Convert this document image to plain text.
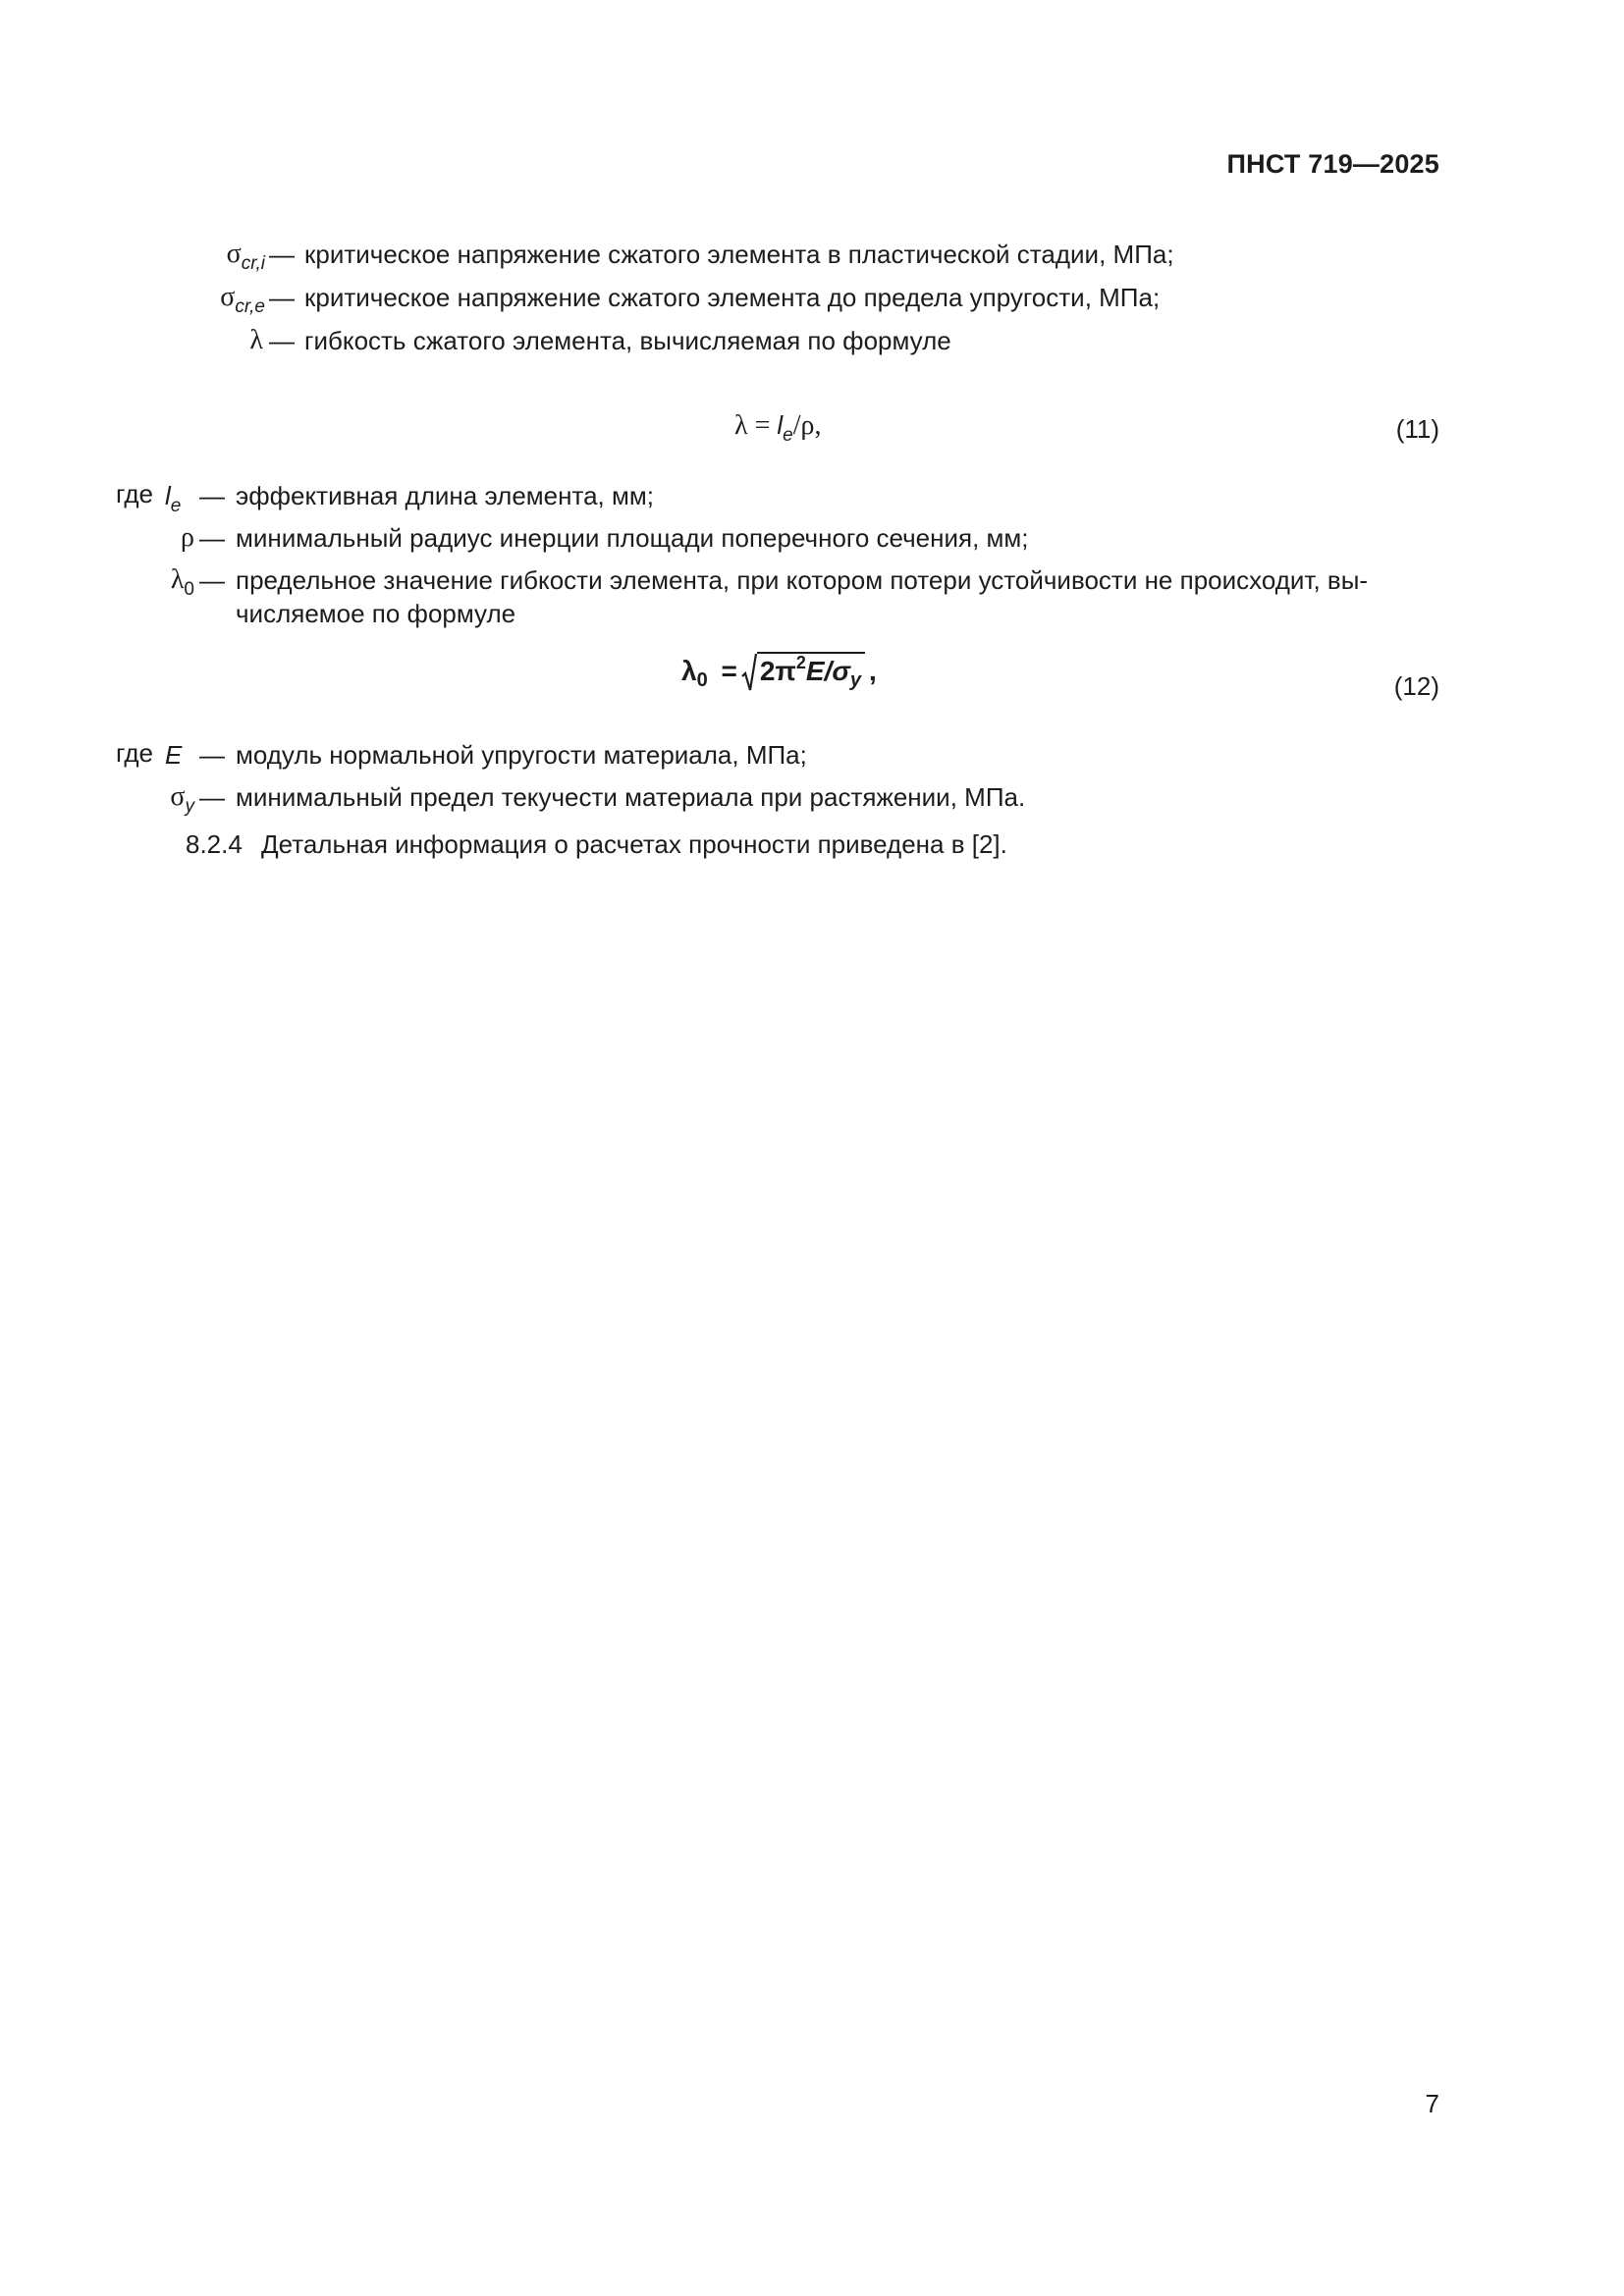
ПНСТ 719—2025
$\sigma_{cr,i}$ — критическое напряжение сжатого элемента в пластической стадии, МПа;
$\sigma_{cr,e}$ — критическое напряжение сжатого элемента до предела упругости, МПа;
λ — гибкость сжатого элемента, вычисляемая по формуле
$\lambda = l_e/\rho$,	(11)
где $l_e$ — эффективная длина элемента, мм;
ρ — минимальный радиус инерции площади поперечного сечения, мм;
$\lambda_0$ — предельное значение гибкости элемента, при котором потери устойчивости не происходит, вы-
числяемое по формуле
$\lambda_0 = 2\pi^2E/\sigma_y$ ,	(12)
где E — модуль нормальной упругости материала, МПа;
$\sigma_y$ — минимальный предел текучести материала при растяжении, МПа.
8.2.4 Детальная информация о расчетах прочности приведена в [2].
7
